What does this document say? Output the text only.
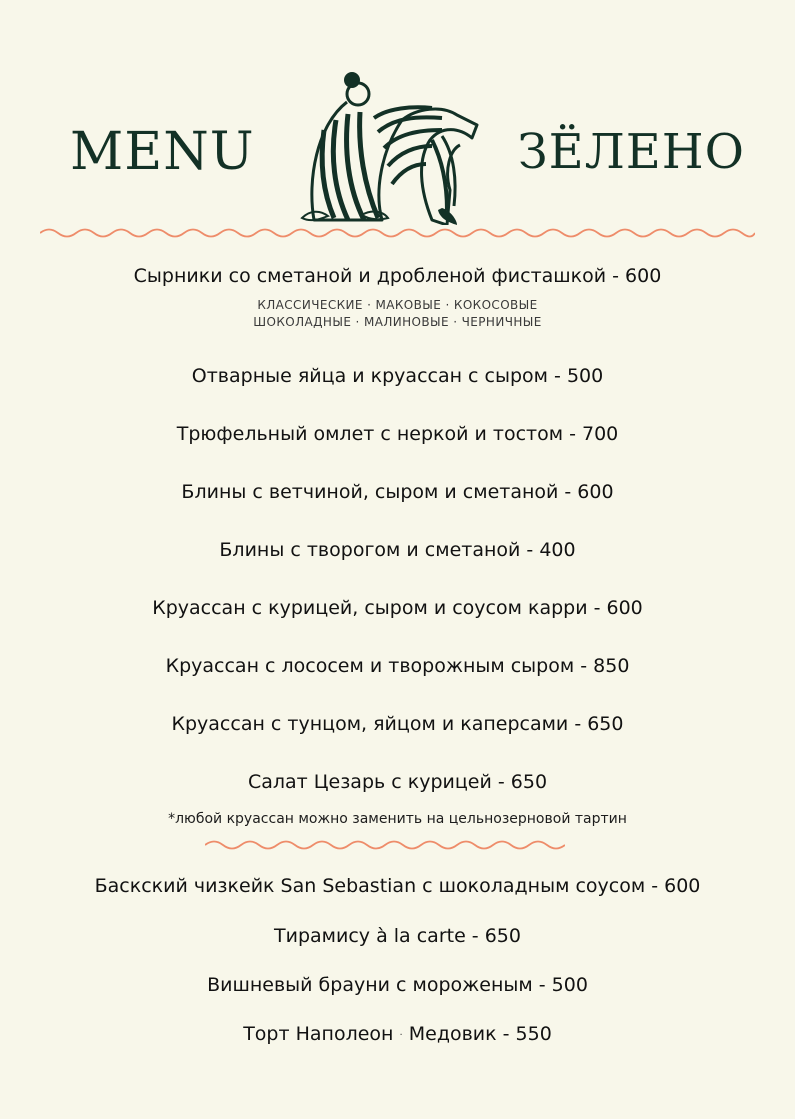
MENU	ЗЁЛЕНО
Сырники со сметаной и дробленой фисташкой - 600
КЛАССИЧЕСКИЕ · МАКОВЫЕ · КОКОСОВЫЕ
ШОКОЛАДНЫЕ · МАЛИНОВЫЕ · ЧЕРНИЧНЫЕ
Отварные яйца и круассан с сыром - 500
Трюфельный омлет с неркой и тостом - 700
Блины с ветчиной, сыром и сметаной - 600
Блины с творогом и сметаной - 400
Круассан с курицей, сыром и соусом карри - 600
Круассан с лососем и творожным сыром - 850
Круассан с тунцом, яйцом и каперсами - 650
Салат Цезарь с курицей - 650
*любой круассан можно заменить на цельнозерновой тартин
Баскский чизкейк San Sebastian с шоколадным соусом - 600
Тирамису à la carte - 650
Вишневый брауни с мороженым - 500
Торт Наполеон · Медовик - 550
